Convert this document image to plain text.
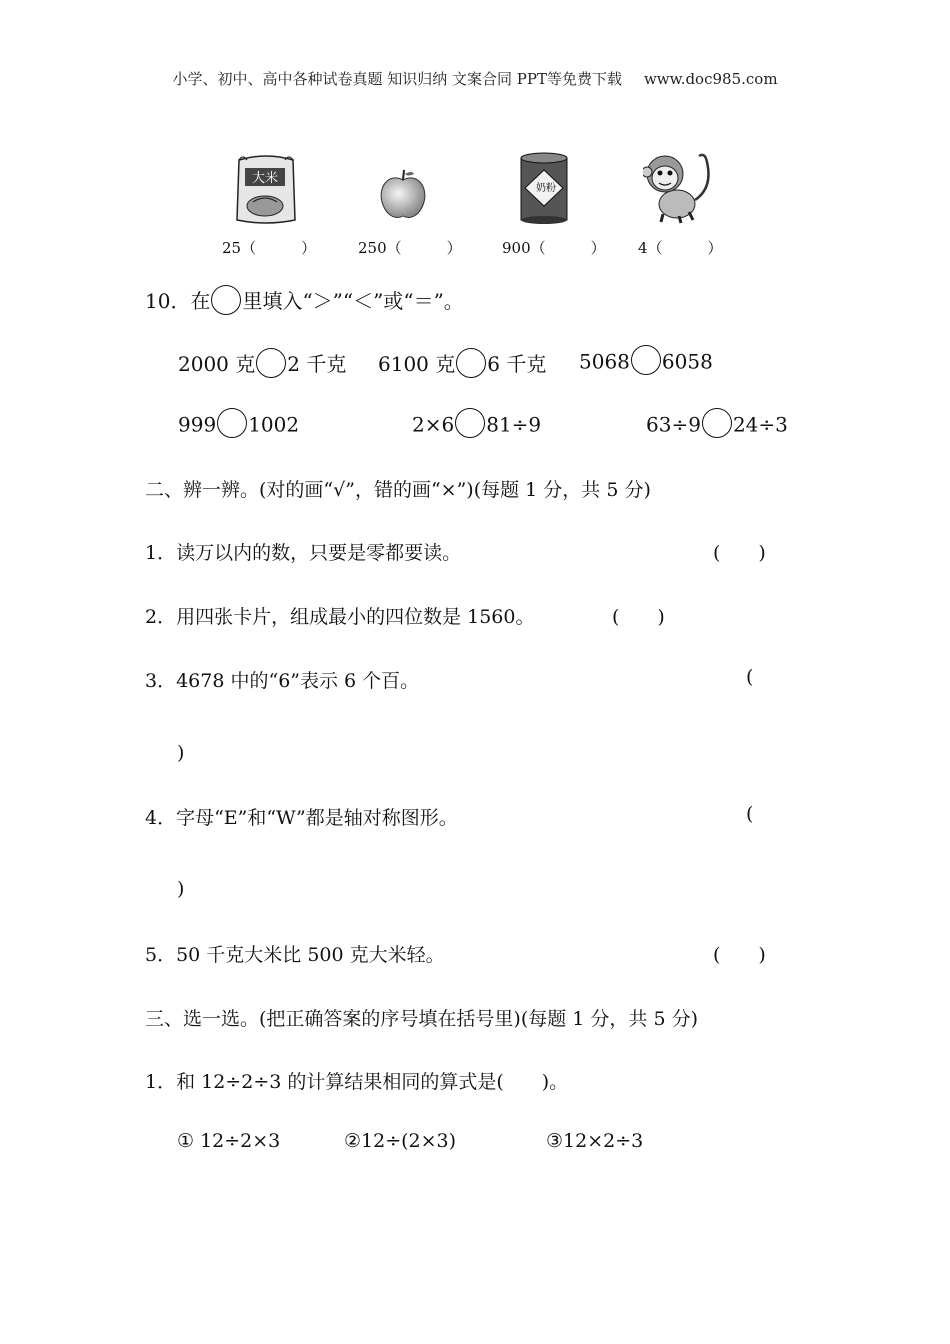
小学、初中、高中各种试卷真题 知识归纳 文案合同 PPT等免费下载 www.doc985.com
大米
奶粉
25（　　　）	250（　　　）	900（　　　） 4（　　　）
10．在 里填入“＞”“＜”或“＝”。
2000 克 2 千克 6100 克 6 千克 5068 6058
999 1002	2×6 81÷9	63÷9 24÷3
二、辨一辨。(对的画“√”，错的画“×”)(每题 1 分，共 5 分)
1．读万以内的数，只要是零都要读。	(　　)
2．用四张卡片，组成最小的四位数是 1560。	(　　)
3．4678 中的“6”表示 6 个百。	(
)
4．字母“E”和“W”都是轴对称图形。	(
)
5．50 千克大米比 500 克大米轻。	(　　)
三、选一选。(把正确答案的序号填在括号里)(每题 1 分，共 5 分)
1．和 12÷2÷3 的计算结果相同的算式是(　　)。
① 12÷2×3	②12÷(2×3)	③12×2÷3
